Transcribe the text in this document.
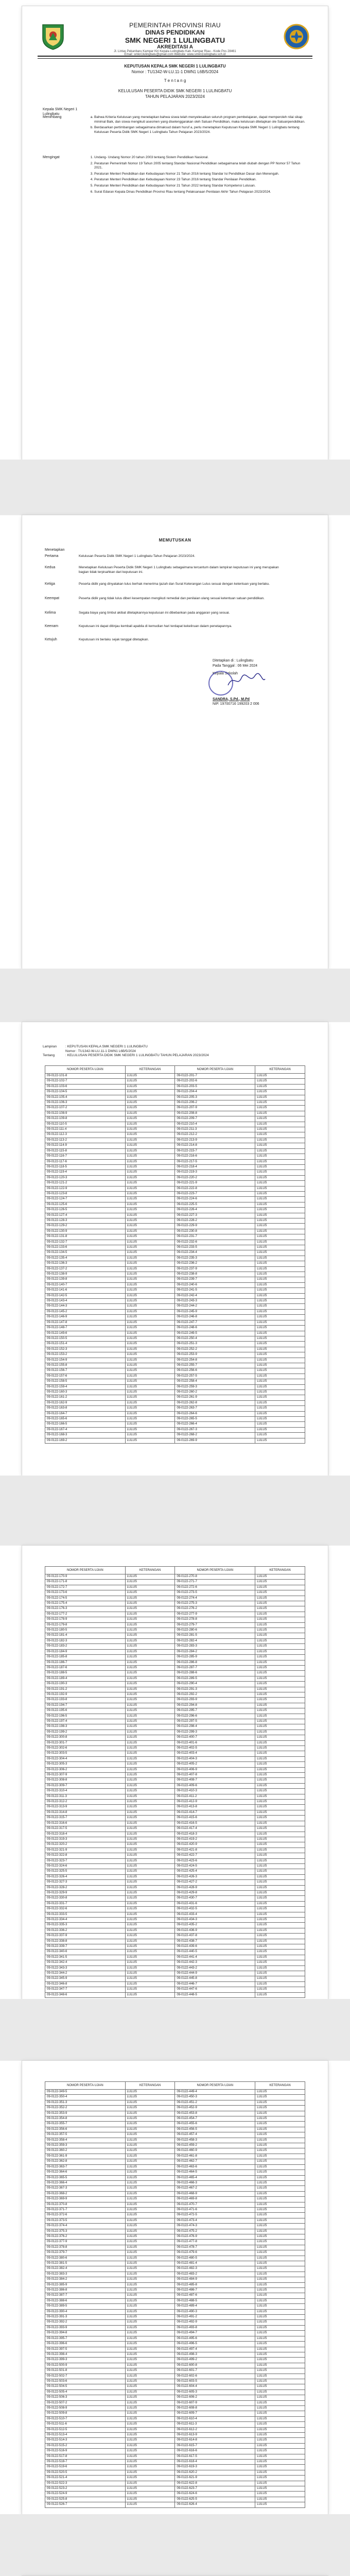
PEMERINTAH PROVINSI RIAU
DINAS PENDIDIKAN
SMK NEGERI 1 LULINGBATU
AKREDITASI A
Jl. Lintas Pekanbaru Kampar Kiri Kepala Lulingbatu Kab. Kampar Riau - Kode Pos 28461
Email: smkn1lulingbatu@gmail.com Website: www.smkn1lulingbatu.sch.id
KEPUTUSAN KEPALA SMK NEGERI 1 LULINGBATU
Nomor : TU1342-W-LU.11-1 DWN1 L6B/5/2024
T e n t a n g
KELULUSAN PESERTA DIDIK SMK NEGERI 1 LULINGBATU
TAHUN PELAJARAN 2023/2024
Kepala SMK Negeri 1 Lulingbatu
Menimbang	a. Bahwa Kriteria Kelulusan yang menetapkan bahwa siswa telah menyelesaikan seluruh program pembelajaran, dapat memperoleh nilai sikap minimal Baik, dan siswa mengikuti asesmen yang diselenggarakan oleh Satuan Pendidikan, maka kelulusan ditetapkan ole Satuanpendidikan.
b. Berdasarkan pertimbangan sebagaimana dimaksud dalam huruf a, perlu menetapkan Keputusan Kepala SMK Negeri 1 Lulingbatu tentang Kelulusan Peserta Didik SMK Negeri 1 Lulingbatu Tahun Pelajaran 2023/2024.
Mengingat	1. Undang- Undang Nomor 20 tahun 2003 tentang Sistem Pendidikan Nasional.
2. Peraturan Pemerintah Nomor 19 Tahun 2005 tentang Standar Nasional Pendidikan sebagaimana telah diubah dengan PP Nomor 57 Tahun 2021.
3. Peraturan Menteri Pendidikan dan Kebudayaan Nomor 21 Tahun 2016 tentang Standar Isi Pendidikan Dasar dan Menengah.
4. Peraturan Menteri Pendidikan dan Kebudayaan Nomor 23 Tahun 2016 tentang Standar Penilaian Pendidikan.
5. Peraturan Menteri Pendidikan dan Kebudayaan Nomor 21 Tahun 2022 tentang Standar Kompetensi Lulusan.
6. Surat Edaran Kepala Dinas Pendidikan Provinsi Riau tentang Pelaksanaan Penilaian Akhir Tahun Pelajaran 2023/2024.
MEMUTUSKAN
Menetapkan
Pertama	Kelulusan Peserta Didik SMK Negeri 1 Lulingbatu Tahun Pelajaran 2023/2024.
Kedua	Menetapkan Kelulusan Peserta Didik SMK Negeri 1 Lulingbatu sebagaimana tercantum dalam lampiran keputusan ini yang merupakan bagian tidak terpisahkan dari keputusan ini.
Ketiga	Peserta didik yang dinyatakan lulus berhak menerima ijazah dan Surat Keterangan Lulus sesuai dengan ketentuan yang berlaku.
Keempat	Peserta didik yang tidak lulus diberi kesempatan mengikuti remedial dan penilaian ulang sesuai ketentuan satuan pendidikan.
Kelima	Segala biaya yang timbul akibat ditetapkannya keputusan ini dibebankan pada anggaran yang sesuai.
Keenam	Keputusan ini dapat ditinjau kembali apabila di kemudian hari terdapat kekeliruan dalam penetapannya.
Ketujuh	Keputusan ini berlaku sejak tanggal ditetapkan.
Ditetapkan di : Lulingbatu
Pada Tanggal : 06 Mei 2024
Kepala Sekolah
SANDRA, S.Pd., M.Pd
NIP. 19700716 199203 2 006
Lampiran	: KEPUTUSAN KEPALA SMK NEGERI 1 LULINGBATU
Nomor : TU1342-W-LU.11-1 DWN1 L6B/5/2024
Tentang	: KELULUSAN PESERTA DIDIK SMK NEGERI 1 LULINGBATU TAHUN PELAJARAN 2023/2024
NOMOR PESERTA UJIAN	KETERANGAN	NOMOR PESERTA UJIAN	KETERANGAN
09-0122-101-8	LULUS	09-0122-201-7	LULUS
09-0122-102-7	LULUS	09-0122-202-6	LULUS
09-0122-103-6	LULUS	09-0122-203-5	LULUS
09-0122-104-5	LULUS	09-0122-204-4	LULUS
09-0122-105-4	LULUS	09-0122-205-3	LULUS
09-0122-106-3	LULUS	09-0122-206-2	LULUS
09-0122-107-2	LULUS	09-0122-207-9	LULUS
09-0122-108-9	LULUS	09-0122-208-8	LULUS
09-0122-109-8	LULUS	09-0122-209-7	LULUS
09-0122-110-5	LULUS	09-0122-210-4	LULUS
09-0122-111-4	LULUS	09-0122-211-3	LULUS
09-0122-112-3	LULUS	09-0122-212-2	LULUS
09-0122-113-2	LULUS	09-0122-213-9	LULUS
09-0122-114-9	LULUS	09-0122-214-8	LULUS
09-0122-115-8	LULUS	09-0122-215-7	LULUS
09-0122-116-7	LULUS	09-0122-216-6	LULUS
09-0122-117-6	LULUS	09-0122-217-5	LULUS
09-0122-118-5	LULUS	09-0122-218-4	LULUS
09-0122-119-4	LULUS	09-0122-219-3	LULUS
09-0122-120-3	LULUS	09-0122-220-2	LULUS
09-0122-121-2	LULUS	09-0122-221-9	LULUS
09-0122-122-9	LULUS	09-0122-222-8	LULUS
09-0122-123-8	LULUS	09-0122-223-7	LULUS
09-0122-124-7	LULUS	09-0122-224-6	LULUS
09-0122-125-6	LULUS	09-0122-225-5	LULUS
09-0122-126-5	LULUS	09-0122-226-4	LULUS
09-0122-127-4	LULUS	09-0122-227-3	LULUS
09-0122-128-3	LULUS	09-0122-228-2	LULUS
09-0122-129-2	LULUS	09-0122-229-9	LULUS
09-0122-130-9	LULUS	09-0122-230-8	LULUS
09-0122-131-8	LULUS	09-0122-231-7	LULUS
09-0122-132-7	LULUS	09-0122-232-6	LULUS
09-0122-133-6	LULUS	09-0122-233-5	LULUS
09-0122-134-5	LULUS	09-0122-234-4	LULUS
09-0122-135-4	LULUS	09-0122-235-3	LULUS
09-0122-136-3	LULUS	09-0122-236-2	LULUS
09-0122-137-2	LULUS	09-0122-237-9	LULUS
09-0122-138-9	LULUS	09-0122-238-8	LULUS
09-0122-139-8	LULUS	09-0122-239-7	LULUS
09-0122-140-7	LULUS	09-0122-240-6	LULUS
09-0122-141-6	LULUS	09-0122-241-5	LULUS
09-0122-142-5	LULUS	09-0122-242-4	LULUS
09-0122-143-4	LULUS	09-0122-243-3	LULUS
09-0122-144-3	LULUS	09-0122-244-2	LULUS
09-0122-145-2	LULUS	09-0122-245-9	LULUS
09-0122-146-9	LULUS	09-0122-246-8	LULUS
09-0122-147-8	LULUS	09-0122-247-7	LULUS
09-0122-148-7	LULUS	09-0122-248-6	LULUS
09-0122-149-6	LULUS	09-0122-249-5	LULUS
09-0122-150-5	LULUS	09-0122-250-4	LULUS
09-0122-151-4	LULUS	09-0122-251-3	LULUS
09-0122-152-3	LULUS	09-0122-252-2	LULUS
09-0122-153-2	LULUS	09-0122-253-9	LULUS
09-0122-154-9	LULUS	09-0122-254-8	LULUS
09-0122-155-8	LULUS	09-0122-255-7	LULUS
09-0122-156-7	LULUS	09-0122-256-6	LULUS
09-0122-157-6	LULUS	09-0122-257-5	LULUS
09-0122-158-5	LULUS	09-0122-258-4	LULUS
09-0122-159-4	LULUS	09-0122-259-3	LULUS
09-0122-160-3	LULUS	09-0122-260-2	LULUS
09-0122-161-2	LULUS	09-0122-261-9	LULUS
09-0122-162-9	LULUS	09-0122-262-8	LULUS
09-0122-163-8	LULUS	09-0122-263-7	LULUS
09-0122-164-7	LULUS	09-0122-264-6	LULUS
09-0122-165-6	LULUS	09-0122-265-5	LULUS
09-0122-166-5	LULUS	09-0122-266-4	LULUS
09-0122-167-4	LULUS	09-0122-267-3	LULUS
09-0122-168-3	LULUS	09-0122-268-2	LULUS
09-0122-169-2	LULUS	09-0122-269-9	LULUS
NOMOR PESERTA UJIAN	KETERANGAN	NOMOR PESERTA UJIAN	KETERANGAN
09-0122-170-9	LULUS	09-0122-270-8	LULUS
09-0122-171-8	LULUS	09-0122-271-7	LULUS
09-0122-172-7	LULUS	09-0122-272-6	LULUS
09-0122-173-6	LULUS	09-0122-273-5	LULUS
09-0122-174-5	LULUS	09-0122-274-4	LULUS
09-0122-175-4	LULUS	09-0122-275-3	LULUS
09-0122-176-3	LULUS	09-0122-276-2	LULUS
09-0122-177-2	LULUS	09-0122-277-9	LULUS
09-0122-178-9	LULUS	09-0122-278-8	LULUS
09-0122-179-8	LULUS	09-0122-279-7	LULUS
09-0122-180-5	LULUS	09-0122-280-6	LULUS
09-0122-181-4	LULUS	09-0122-281-5	LULUS
09-0122-182-3	LULUS	09-0122-282-4	LULUS
09-0122-183-2	LULUS	09-0122-283-3	LULUS
09-0122-184-9	LULUS	09-0122-284-2	LULUS
09-0122-185-8	LULUS	09-0122-285-9	LULUS
09-0122-186-7	LULUS	09-0122-286-8	LULUS
09-0122-187-6	LULUS	09-0122-287-7	LULUS
09-0122-188-5	LULUS	09-0122-288-6	LULUS
09-0122-189-4	LULUS	09-0122-289-5	LULUS
09-0122-190-3	LULUS	09-0122-290-4	LULUS
09-0122-191-2	LULUS	09-0122-291-3	LULUS
09-0122-192-9	LULUS	09-0122-292-2	LULUS
09-0122-193-8	LULUS	09-0122-293-9	LULUS
09-0122-194-7	LULUS	09-0122-294-8	LULUS
09-0122-195-6	LULUS	09-0122-295-7	LULUS
09-0122-196-5	LULUS	09-0122-296-6	LULUS
09-0122-197-4	LULUS	09-0122-297-5	LULUS
09-0122-198-3	LULUS	09-0122-298-4	LULUS
09-0122-199-2	LULUS	09-0122-299-3	LULUS
09-0122-300-8	LULUS	09-0122-400-7	LULUS
09-0122-301-7	LULUS	09-0122-401-6	LULUS
09-0122-302-6	LULUS	09-0122-402-5	LULUS
09-0122-303-5	LULUS	09-0122-403-4	LULUS
09-0122-304-4	LULUS	09-0122-404-3	LULUS
09-0122-305-3	LULUS	09-0122-405-2	LULUS
09-0122-306-2	LULUS	09-0122-406-9	LULUS
09-0122-307-9	LULUS	09-0122-407-8	LULUS
09-0122-308-8	LULUS	09-0122-408-7	LULUS
09-0122-309-7	LULUS	09-0122-409-6	LULUS
09-0122-310-4	LULUS	09-0122-410-3	LULUS
09-0122-311-3	LULUS	09-0122-411-2	LULUS
09-0122-312-2	LULUS	09-0122-412-9	LULUS
09-0122-313-9	LULUS	09-0122-413-8	LULUS
09-0122-314-8	LULUS	09-0122-414-7	LULUS
09-0122-315-7	LULUS	09-0122-415-6	LULUS
09-0122-316-6	LULUS	09-0122-416-5	LULUS
09-0122-317-5	LULUS	09-0122-417-4	LULUS
09-0122-318-4	LULUS	09-0122-418-3	LULUS
09-0122-319-3	LULUS	09-0122-419-2	LULUS
09-0122-320-2	LULUS	09-0122-420-9	LULUS
09-0122-321-9	LULUS	09-0122-421-8	LULUS
09-0122-322-8	LULUS	09-0122-422-7	LULUS
09-0122-323-7	LULUS	09-0122-423-6	LULUS
09-0122-324-6	LULUS	09-0122-424-5	LULUS
09-0122-325-5	LULUS	09-0122-425-4	LULUS
09-0122-326-4	LULUS	09-0122-426-3	LULUS
09-0122-327-3	LULUS	09-0122-427-2	LULUS
09-0122-328-2	LULUS	09-0122-428-9	LULUS
09-0122-329-9	LULUS	09-0122-429-8	LULUS
09-0122-330-8	LULUS	09-0122-430-7	LULUS
09-0122-331-7	LULUS	09-0122-431-6	LULUS
09-0122-332-6	LULUS	09-0122-432-5	LULUS
09-0122-333-5	LULUS	09-0122-433-4	LULUS
09-0122-334-4	LULUS	09-0122-434-3	LULUS
09-0122-335-3	LULUS	09-0122-435-2	LULUS
09-0122-336-2	LULUS	09-0122-436-9	LULUS
09-0122-337-9	LULUS	09-0122-437-8	LULUS
09-0122-338-8	LULUS	09-0122-438-7	LULUS
09-0122-339-7	LULUS	09-0122-439-6	LULUS
09-0122-340-6	LULUS	09-0122-440-5	LULUS
09-0122-341-5	LULUS	09-0122-441-4	LULUS
09-0122-342-4	LULUS	09-0122-442-3	LULUS
09-0122-343-3	LULUS	09-0122-443-2	LULUS
09-0122-344-2	LULUS	09-0122-444-9	LULUS
09-0122-345-9	LULUS	09-0122-445-8	LULUS
09-0122-346-8	LULUS	09-0122-446-7	LULUS
09-0122-347-7	LULUS	09-0122-447-6	LULUS
09-0122-348-6	LULUS	09-0122-448-5	LULUS
NOMOR PESERTA UJIAN	KETERANGAN	NOMOR PESERTA UJIAN	KETERANGAN
09-0122-349-5	LULUS	09-0122-449-4	LULUS
09-0122-350-4	LULUS	09-0122-450-3	LULUS
09-0122-351-3	LULUS	09-0122-451-2	LULUS
09-0122-352-2	LULUS	09-0122-452-9	LULUS
09-0122-353-9	LULUS	09-0122-453-8	LULUS
09-0122-354-8	LULUS	09-0122-454-7	LULUS
09-0122-355-7	LULUS	09-0122-455-6	LULUS
09-0122-356-6	LULUS	09-0122-456-5	LULUS
09-0122-357-5	LULUS	09-0122-457-4	LULUS
09-0122-358-4	LULUS	09-0122-458-3	LULUS
09-0122-359-3	LULUS	09-0122-459-2	LULUS
09-0122-360-2	LULUS	09-0122-460-9	LULUS
09-0122-361-9	LULUS	09-0122-461-8	LULUS
09-0122-362-8	LULUS	09-0122-462-7	LULUS
09-0122-363-7	LULUS	09-0122-463-6	LULUS
09-0122-364-6	LULUS	09-0122-464-5	LULUS
09-0122-365-5	LULUS	09-0122-465-4	LULUS
09-0122-366-4	LULUS	09-0122-466-3	LULUS
09-0122-367-3	LULUS	09-0122-467-2	LULUS
09-0122-368-2	LULUS	09-0122-468-9	LULUS
09-0122-369-9	LULUS	09-0122-469-8	LULUS
09-0122-370-8	LULUS	09-0122-470-7	LULUS
09-0122-371-7	LULUS	09-0122-471-6	LULUS
09-0122-372-6	LULUS	09-0122-472-5	LULUS
09-0122-373-5	LULUS	09-0122-473-4	LULUS
09-0122-374-4	LULUS	09-0122-474-3	LULUS
09-0122-375-3	LULUS	09-0122-475-2	LULUS
09-0122-376-2	LULUS	09-0122-476-9	LULUS
09-0122-377-9	LULUS	09-0122-477-8	LULUS
09-0122-378-8	LULUS	09-0122-478-7	LULUS
09-0122-379-7	LULUS	09-0122-479-6	LULUS
09-0122-380-6	LULUS	09-0122-480-5	LULUS
09-0122-381-5	LULUS	09-0122-481-4	LULUS
09-0122-382-4	LULUS	09-0122-482-3	LULUS
09-0122-383-3	LULUS	09-0122-483-2	LULUS
09-0122-384-2	LULUS	09-0122-484-9	LULUS
09-0122-385-9	LULUS	09-0122-485-8	LULUS
09-0122-386-8	LULUS	09-0122-486-7	LULUS
09-0122-387-7	LULUS	09-0122-487-6	LULUS
09-0122-388-6	LULUS	09-0122-488-5	LULUS
09-0122-389-5	LULUS	09-0122-489-4	LULUS
09-0122-390-4	LULUS	09-0122-490-3	LULUS
09-0122-391-3	LULUS	09-0122-491-2	LULUS
09-0122-392-2	LULUS	09-0122-492-9	LULUS
09-0122-393-9	LULUS	09-0122-493-8	LULUS
09-0122-394-8	LULUS	09-0122-494-7	LULUS
09-0122-395-7	LULUS	09-0122-495-6	LULUS
09-0122-396-6	LULUS	09-0122-496-5	LULUS
09-0122-397-5	LULUS	09-0122-497-4	LULUS
09-0122-398-4	LULUS	09-0122-498-3	LULUS
09-0122-399-3	LULUS	09-0122-499-2	LULUS
09-0122-500-9	LULUS	09-0122-600-8	LULUS
09-0122-501-8	LULUS	09-0122-601-7	LULUS
09-0122-502-7	LULUS	09-0122-602-6	LULUS
09-0122-503-6	LULUS	09-0122-603-5	LULUS
09-0122-504-5	LULUS	09-0122-604-4	LULUS
09-0122-505-4	LULUS	09-0122-605-3	LULUS
09-0122-506-3	LULUS	09-0122-606-2	LULUS
09-0122-507-2	LULUS	09-0122-607-9	LULUS
09-0122-508-9	LULUS	09-0122-608-8	LULUS
09-0122-509-8	LULUS	09-0122-609-7	LULUS
09-0122-510-7	LULUS	09-0122-610-4	LULUS
09-0122-511-6	LULUS	09-0122-611-3	LULUS
09-0122-512-5	LULUS	09-0122-612-2	LULUS
09-0122-513-4	LULUS	09-0122-613-9	LULUS
09-0122-514-3	LULUS	09-0122-614-8	LULUS
09-0122-515-2	LULUS	09-0122-615-7	LULUS
09-0122-516-9	LULUS	09-0122-616-6	LULUS
09-0122-517-8	LULUS	09-0122-617-5	LULUS
09-0122-518-7	LULUS	09-0122-618-4	LULUS
09-0122-519-6	LULUS	09-0122-619-3	LULUS
09-0122-520-5	LULUS	09-0122-620-2	LULUS
09-0122-521-4	LULUS	09-0122-621-9	LULUS
09-0122-522-3	LULUS	09-0122-622-8	LULUS
09-0122-523-2	LULUS	09-0122-623-7	LULUS
09-0122-524-9	LULUS	09-0122-624-6	LULUS
09-0122-525-8	LULUS	09-0122-625-5	LULUS
09-0122-526-7	LULUS	09-0122-626-4	LULUS
